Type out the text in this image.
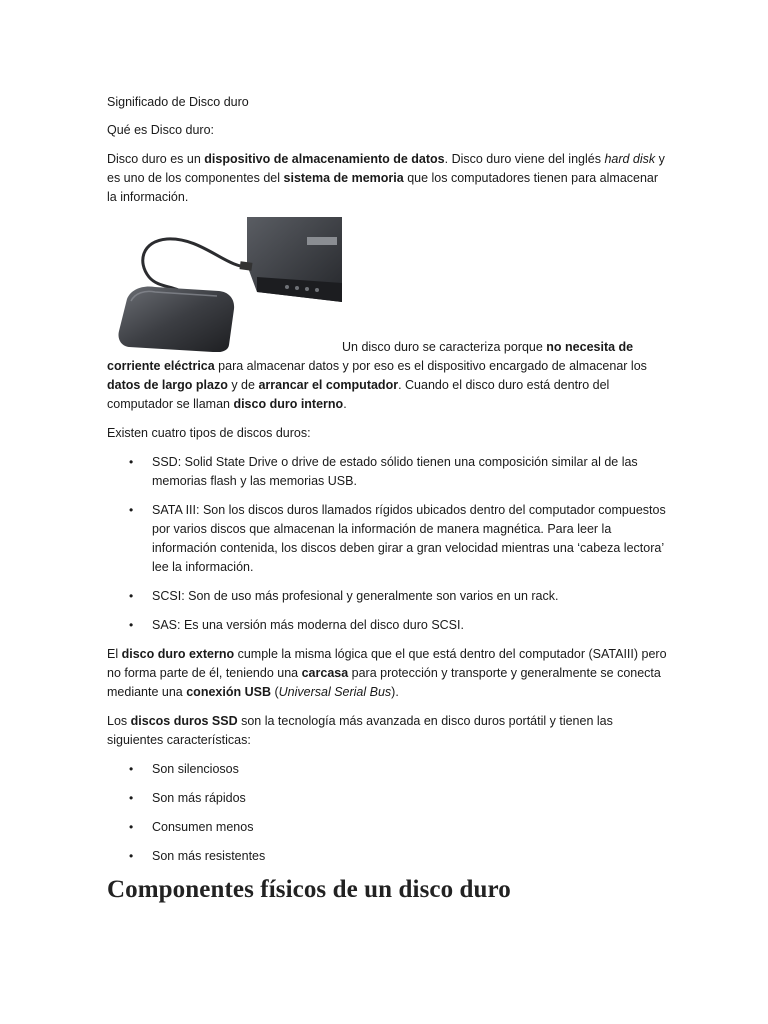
Significado de Disco duro

Qué es Disco duro:

Disco duro es un dispositivo de almacenamiento de datos. Disco duro viene del inglés hard disk y es uno de los componentes del sistema de memoria que los computadores tienen para almacenar la información.

Un disco duro se caracteriza porque no necesita de corriente eléctrica para almacenar datos y por eso es el dispositivo encargado de almacenar los datos de largo plazo y de arrancar el computador. Cuando el disco duro está dentro del computador se llaman disco duro interno.

Existen cuatro tipos de discos duros:

• SSD: Solid State Drive o drive de estado sólido tienen una composición similar al de las memorias flash y las memorias USB.
• SATA III: Son los discos duros llamados rígidos ubicados dentro del computador compuestos por varios discos que almacenan la información de manera magnética. Para leer la información contenida, los discos deben girar a gran velocidad mientras una ‘cabeza lectora’ lee la información.
• SCSI: Son de uso más profesional y generalmente son varios en un rack.
• SAS: Es una versión más moderna del disco duro SCSI.

El disco duro externo cumple la misma lógica que el que está dentro del computador (SATAIII) pero no forma parte de él, teniendo una carcasa para protección y transporte y generalmente se conecta mediante una conexión USB (Universal Serial Bus).

Los discos duros SSD son la tecnología más avanzada en disco duros portátil y tienen las siguientes características:

• Son silenciosos
• Son más rápidos
• Consumen menos
• Son más resistentes
Componentes físicos de un disco duro
